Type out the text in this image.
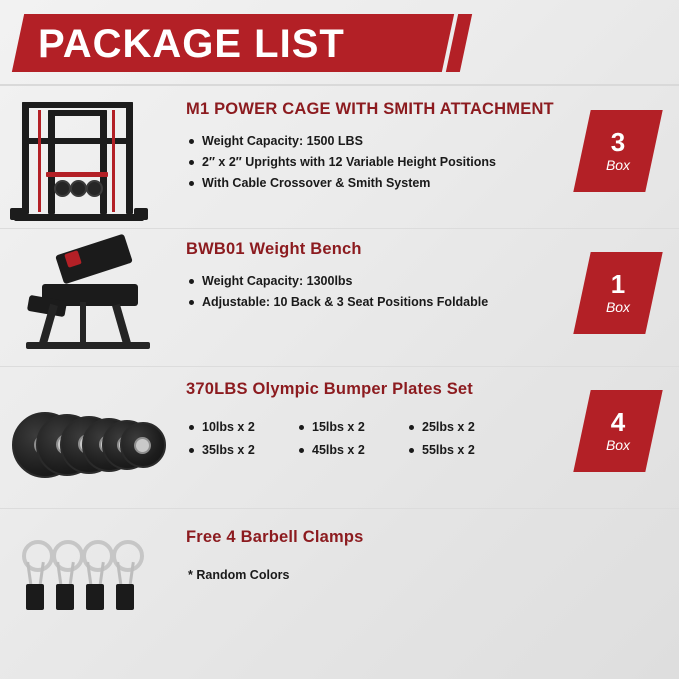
PACKAGE LIST
M1 POWER CAGE WITH SMITH ATTACHMENT
Weight Capacity: 1500 LBS
2″ x 2″ Uprights with 12 Variable Height Positions
With Cable Crossover & Smith System
3
Box
BWB01 Weight Bench
Weight Capacity: 1300lbs
Adjustable: 10 Back & 3 Seat Positions Foldable
1
Box
370LBS Olympic Bumper Plates Set
10lbs x 2	15lbs x 2	25lbs x 2
35lbs x 2	45lbs x 2	55lbs x 2
4
Box
Free 4 Barbell Clamps
* Random Colors
